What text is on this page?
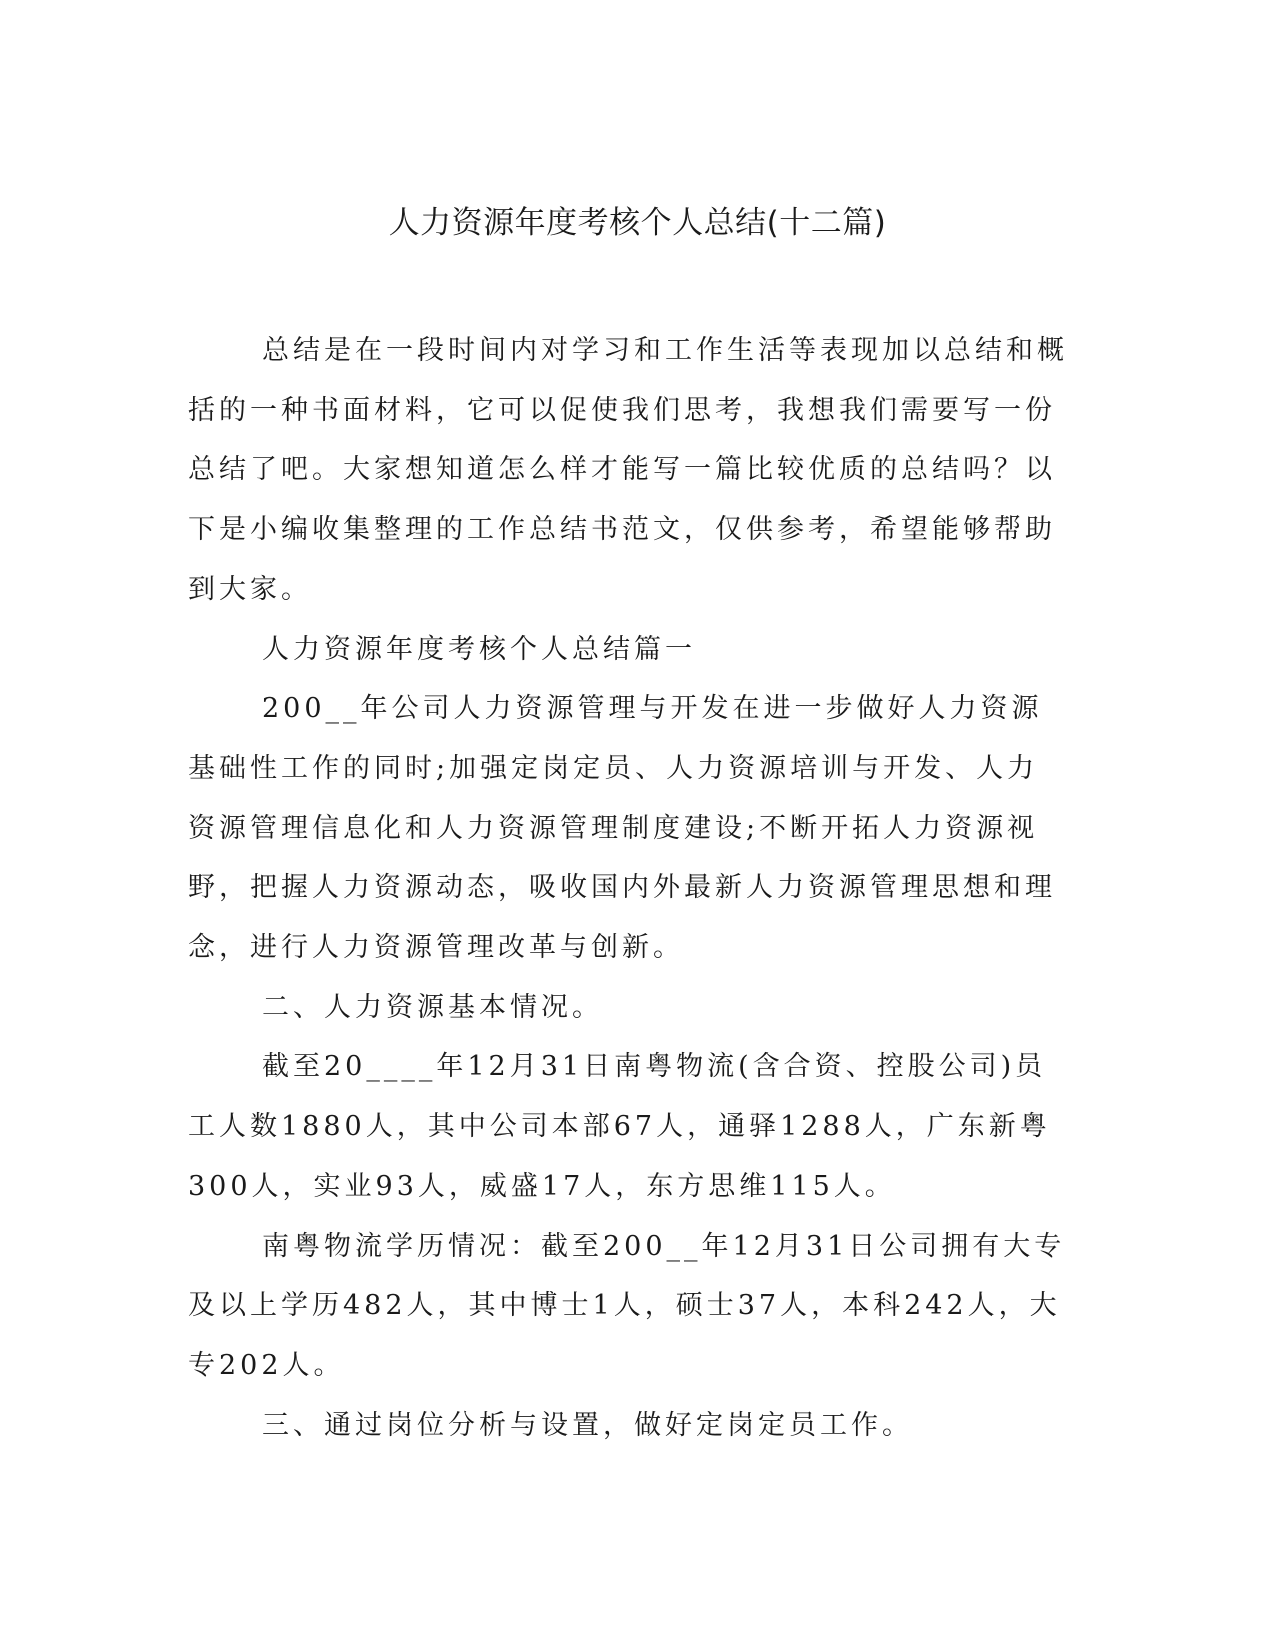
人力资源年度考核个人总结(十二篇)

总结是在一段时间内对学习和工作生活等表现加以总结和概括的一种书面材料，它可以促使我们思考，我想我们需要写一份总结了吧。大家想知道怎么样才能写一篇比较优质的总结吗？以下是小编收集整理的工作总结书范文，仅供参考，希望能够帮助到大家。

人力资源年度考核个人总结篇一

200__年公司人力资源管理与开发在进一步做好人力资源基础性工作的同时;加强定岗定员、人力资源培训与开发、人力资源管理信息化和人力资源管理制度建设;不断开拓人力资源视野，把握人力资源动态，吸收国内外最新人力资源管理思想和理念，进行人力资源管理改革与创新。

二、人力资源基本情况。

截至20____年12月31日南粤物流(含合资、控股公司)员工人数1880人，其中公司本部67人，通驿1288人，广东新粤300人，实业93人，威盛17人，东方思维115人。

南粤物流学历情况：截至200__年12月31日公司拥有大专及以上学历482人，其中博士1人，硕士37人，本科242人，大专202人。

三、通过岗位分析与设置，做好定岗定员工作。
